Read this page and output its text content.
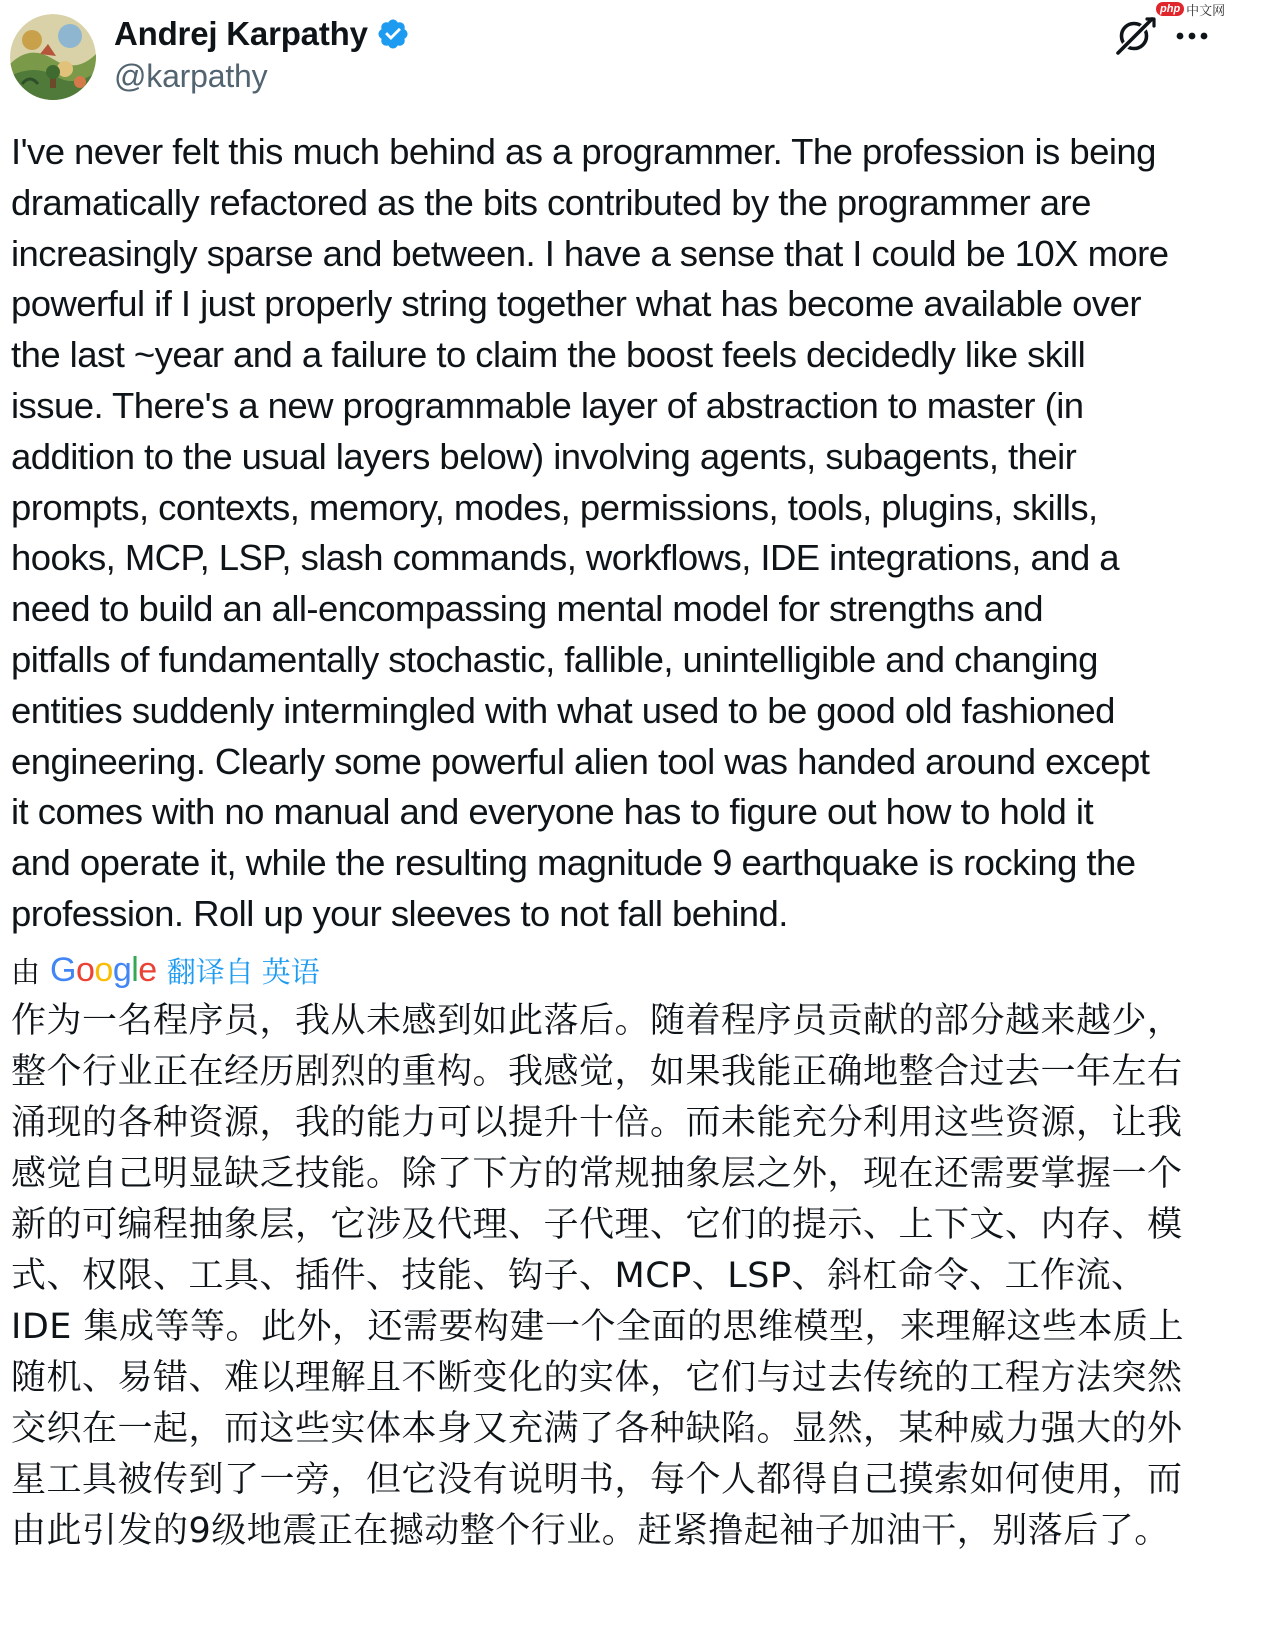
Andrej Karpathy
@karpathy
php 中文网

I've never felt this much behind as a programmer. The profession is being
dramatically refactored as the bits contributed by the programmer are
increasingly sparse and between. I have a sense that I could be 10X more
powerful if I just properly string together what has become available over
the last ~year and a failure to claim the boost feels decidedly like skill
issue. There's a new programmable layer of abstraction to master (in
addition to the usual layers below) involving agents, subagents, their
prompts, contexts, memory, modes, permissions, tools, plugins, skills,
hooks, MCP, LSP, slash commands, workflows, IDE integrations, and a
need to build an all-encompassing mental model for strengths and
pitfalls of fundamentally stochastic, fallible, unintelligible and changing
entities suddenly intermingled with what used to be good old fashioned
engineering. Clearly some powerful alien tool was handed around except
it comes with no manual and everyone has to figure out how to hold it
and operate it, while the resulting magnitude 9 earthquake is rocking the
profession. Roll up your sleeves to not fall behind.

由 Google 翻译自 英语

作为一名程序员，我从未感到如此落后。随着程序员贡献的部分越来越少，
整个行业正在经历剧烈的重构。我感觉，如果我能正确地整合过去一年左右
涌现的各种资源，我的能力可以提升十倍。而未能充分利用这些资源，让我
感觉自己明显缺乏技能。除了下方的常规抽象层之外，现在还需要掌握一个
新的可编程抽象层，它涉及代理、子代理、它们的提示、上下文、内存、模
式、权限、工具、插件、技能、钩子、MCP、LSP、斜杠命令、工作流、
IDE 集成等等。此外，还需要构建一个全面的思维模型，来理解这些本质上
随机、易错、难以理解且不断变化的实体，它们与过去传统的工程方法突然
交织在一起，而这些实体本身又充满了各种缺陷。显然，某种威力强大的外
星工具被传到了一旁，但它没有说明书，每个人都得自己摸索如何使用，而
由此引发的9级地震正在撼动整个行业。赶紧撸起袖子加油干，别落后了。
